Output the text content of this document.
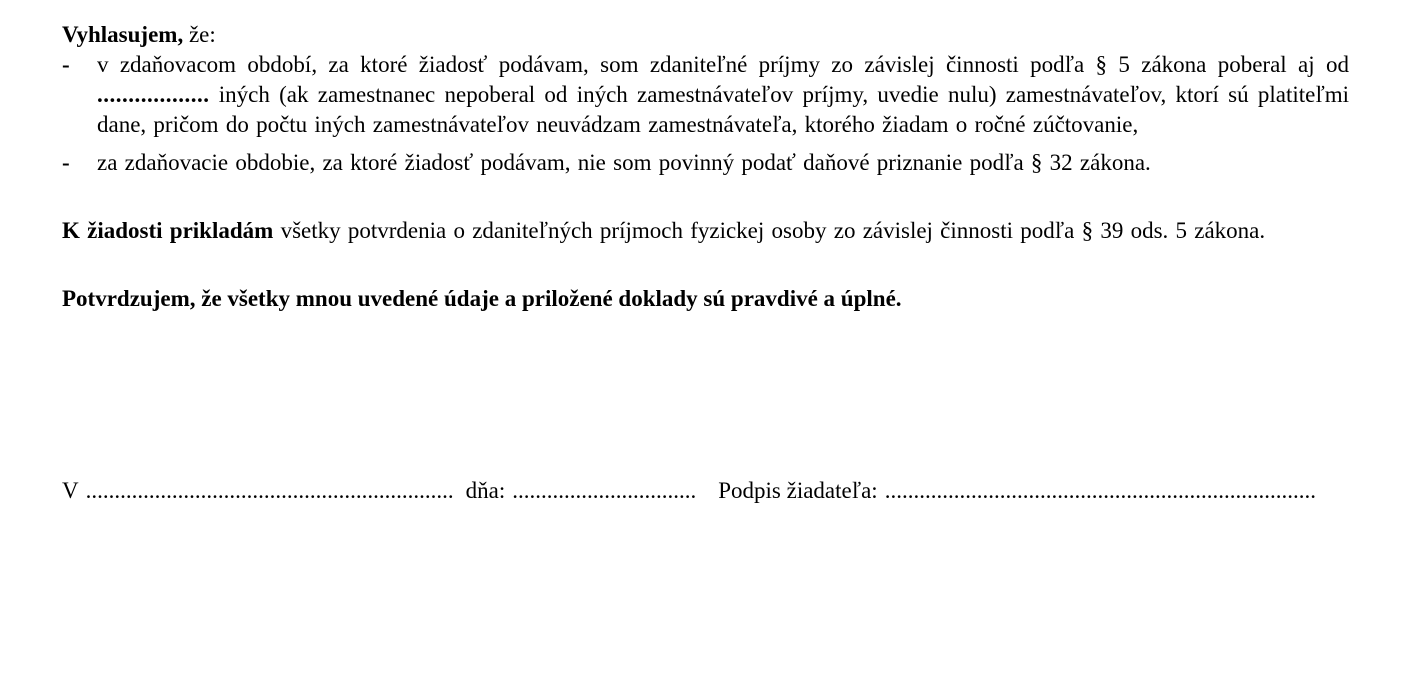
Vyhlasujem, že:

-	v zdaňovacom období, za ktoré žiadosť podávam, som zdaniteľné príjmy zo závislej činnosti podľa § 5 zákona poberal aj od .................. iných (ak zamestnanec nepoberal od iných zamestnávateľov príjmy, uvedie nulu) zamestnávateľov, ktorí sú platiteľmi dane, pričom do počtu iných zamestnávateľov neuvádzam zamestnávateľa, ktorého žiadam o ročné zúčtovanie,
-	za zdaňovacie obdobie, za ktoré žiadosť podávam, nie som povinný podať daňové priznanie podľa § 32 zákona.

K žiadosti prikladám všetky potvrdenia o zdaniteľných príjmoch fyzickej osoby zo závislej činnosti podľa § 39 ods. 5 zákona.

Potvrdzujem, že všetky mnou uvedené údaje a priložené doklady sú pravdivé a úplné.

V ................................................................ dňa: ................................ Podpis žiadateľa: ...........................................................................
